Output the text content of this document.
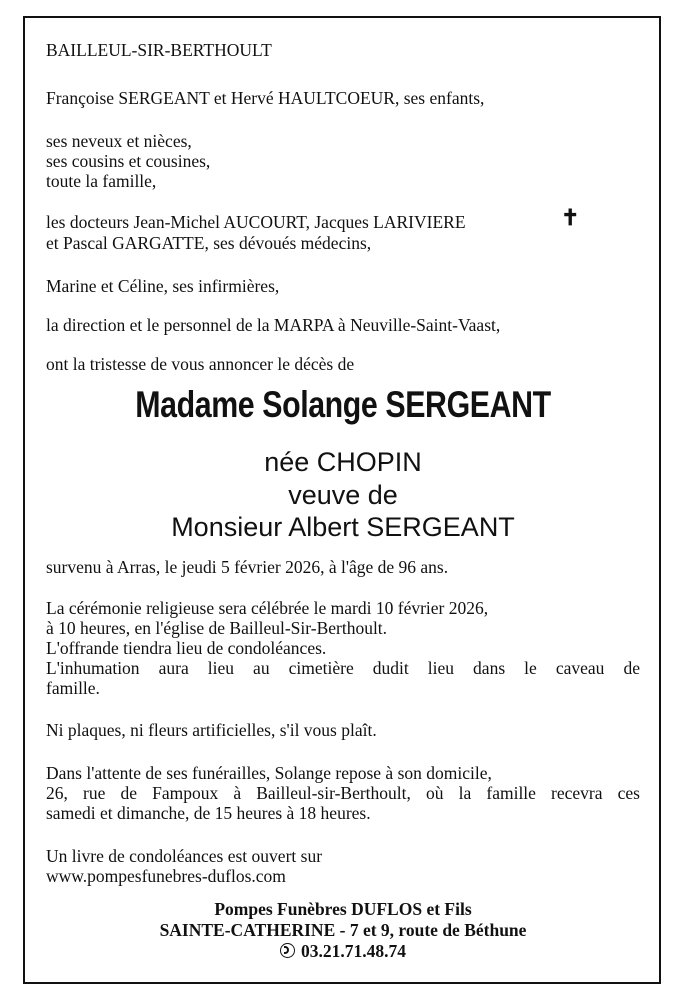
BAILLEUL-SIR-BERTHOULT
Françoise SERGEANT et Hervé HAULTCOEUR, ses enfants,
ses neveux et nièces,
ses cousins et cousines,
toute la famille,
les docteurs Jean-Michel AUCOURT, Jacques LARIVIERE	✝
et Pascal GARGATTE, ses dévoués médecins,
Marine et Céline, ses infirmières,
la direction et le personnel de la MARPA à Neuville-Saint-Vaast,
ont la tristesse de vous annoncer le décès de
Madame Solange SERGEANT
née CHOPIN
veuve de
Monsieur Albert SERGEANT
survenu à Arras, le jeudi 5 février 2026, à l'âge de 96 ans.
La cérémonie religieuse sera célébrée le mardi 10 février 2026,
à 10 heures, en l'église de Bailleul-Sir-Berthoult.
L'offrande tiendra lieu de condoléances.
L'inhumation aura lieu au cimetière dudit lieu dans le caveau de
famille.
Ni plaques, ni fleurs artificielles, s'il vous plaît.
Dans l'attente de ses funérailles, Solange repose à son domicile,
26, rue de Fampoux à Bailleul-sir-Berthoult, où la famille recevra ces
samedi et dimanche, de 15 heures à 18 heures.
Un livre de condoléances est ouvert sur
www.pompesfunebres-duflos.com
Pompes Funèbres DUFLOS et Fils
SAINTE-CATHERINE - 7 et 9, route de Béthune
03.21.71.48.74
